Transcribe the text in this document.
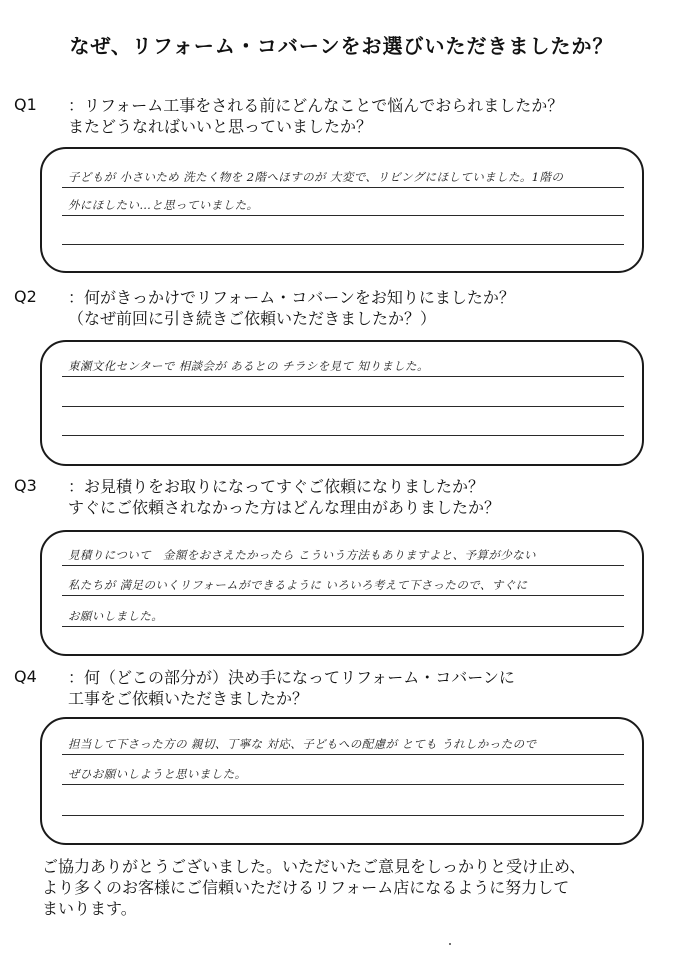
なぜ、リフォーム・コバーンをお選びいただきましたか？
Q1 ：リフォーム工事をされる前にどんなことで悩んでおられましたか？
またどうなればいいと思っていましたか？
子どもが 小さいため 洗たく物を 2階へほすのが 大変で、リビングにほしていました。1階の
外にほしたい…と思っていました。
Q2 ：何がきっかけでリフォーム・コバーンをお知りにましたか？
（なぜ前回に引き続きご依頼いただきましたか？）
東瀬文化センターで 相談会が あるとの チラシを見て 知りました。
Q3 ：お見積りをお取りになってすぐご依頼になりましたか？
すぐにご依頼されなかった方はどんな理由がありましたか？
見積りについて　金額をおさえたかったら こういう方法もありますよと、予算が少ない
私たちが 満足のいくリフォームができるように いろいろ考えて下さったので、すぐに
お願いしました。
Q4 ：何（どこの部分が）決め手になってリフォーム・コバーンに
工事をご依頼いただきましたか？
担当して下さった方の 親切、丁寧な 対応、子どもへの配慮が とても うれしかったので
ぜひお願いしようと思いました。
ご協力ありがとうございました。いただいたご意見をしっかりと受け止め、
より多くのお客様にご信頼いただけるリフォーム店になるように努力して
まいります。
